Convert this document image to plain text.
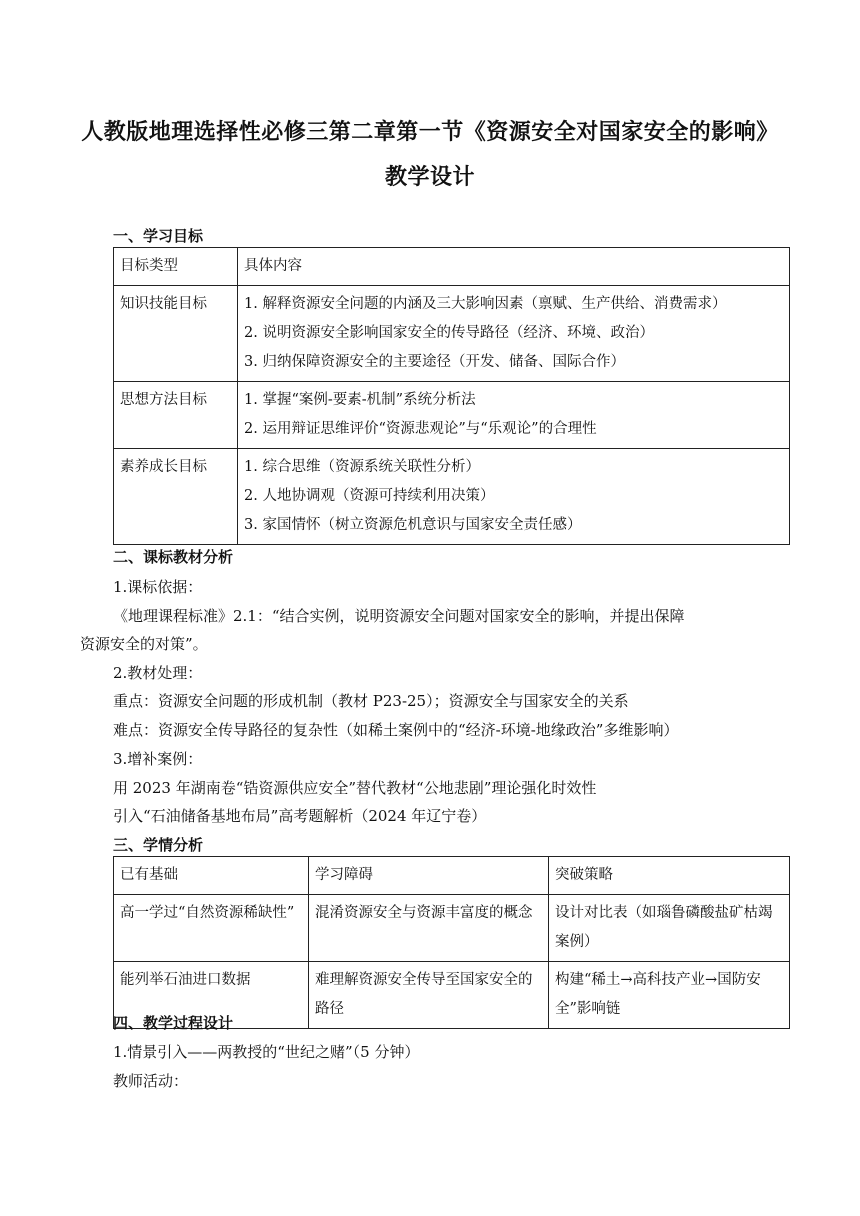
人教版地理选择性必修三第二章第一节《资源安全对国家安全的影响》
教学设计
一、学习目标
目标类型	具体内容
知识技能目标	1. 解释资源安全问题的内涵及三大影响因素（禀赋、生产供给、消费需求）
2. 说明资源安全影响国家安全的传导路径（经济、环境、政治）
3. 归纳保障资源安全的主要途径（开发、储备、国际合作）

思想方法目标	1. 掌握“案例-要素-机制”系统分析法
2. 运用辩证思维评价“资源悲观论”与“乐观论”的合理性

素养成长目标	1. 综合思维（资源系统关联性分析）
2. 人地协调观（资源可持续利用决策）
3. 家国情怀（树立资源危机意识与国家安全责任感）
二、课标教材分析
1.课标依据：
《地理课程标准》2.1：“结合实例，说明资源安全问题对国家安全的影响，并提出保障
资源安全的对策”。
2.教材处理：
重点：资源安全问题的形成机制（教材 P23-25）；资源安全与国家安全的关系
难点：资源安全传导路径的复杂性（如稀土案例中的“经济-环境-地缘政治”多维影响）
3.增补案例：
用 2023 年湖南卷“锆资源供应安全”替代教材“公地悲剧”理论强化时效性
引入“石油储备基地布局”高考题解析（2024 年辽宁卷）
三、学情分析
已有基础	学习障碍	突破策略
高一学过“自然资源稀缺性”	混淆资源安全与资源丰富度的概念	设计对比表（如瑙鲁磷酸盐矿枯竭案例）
能列举石油进口数据	难理解资源安全传导至国家安全的路径	构建“稀土→高科技产业→国防安全”影响链
四、教学过程设计
1.情景引入——两教授的“世纪之赌”（5 分钟）
教师活动：
